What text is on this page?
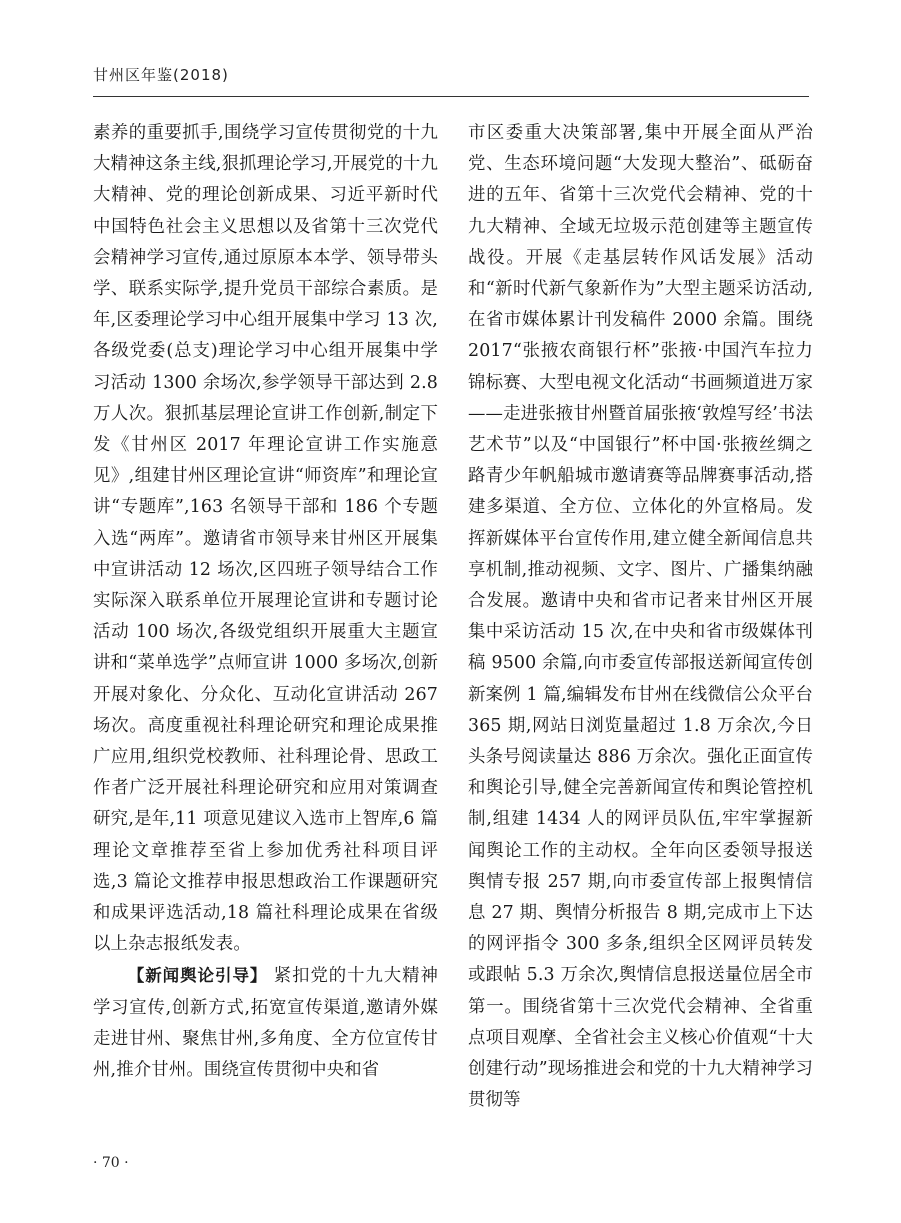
甘州区年鉴(2018)

素养的重要抓手,围绕学习宣传贯彻党的十九大精神这条主线,狠抓理论学习,开展党的十九大精神、党的理论创新成果、习近平新时代中国特色社会主义思想以及省第十三次党代会精神学习宣传,通过原原本本学、领导带头学、联系实际学,提升党员干部综合素质。是年,区委理论学习中心组开展集中学习 13 次,各级党委(总支)理论学习中心组开展集中学习活动 1300 余场次,参学领导干部达到 2.8 万人次。狠抓基层理论宣讲工作创新,制定下发《甘州区 2017 年理论宣讲工作实施意见》,组建甘州区理论宣讲“师资库”和理论宣讲“专题库”,163 名领导干部和 186 个专题入选“两库”。邀请省市领导来甘州区开展集中宣讲活动 12 场次,区四班子领导结合工作实际深入联系单位开展理论宣讲和专题讨论活动 100 场次,各级党组织开展重大主题宣讲和“菜单选学”点师宣讲 1000 多场次,创新开展对象化、分众化、互动化宣讲活动 267 场次。高度重视社科理论研究和理论成果推广应用,组织党校教师、社科理论骨、思政工作者广泛开展社科理论研究和应用对策调查研究,是年,11 项意见建议入选市上智库,6 篇理论文章推荐至省上参加优秀社科项目评选,3 篇论文推荐申报思想政治工作课题研究和成果评选活动,18 篇社科理论成果在省级以上杂志报纸发表。

【新闻舆论引导】 紧扣党的十九大精神学习宣传,创新方式,拓宽宣传渠道,邀请外媒走进甘州、聚焦甘州,多角度、全方位宣传甘州,推介甘州。围绕宣传贯彻中央和省

市区委重大决策部署,集中开展全面从严治党、生态环境问题“大发现大整治”、砥砺奋进的五年、省第十三次党代会精神、党的十九大精神、全域无垃圾示范创建等主题宣传战役。开展《走基层转作风话发展》活动和“新时代新气象新作为”大型主题采访活动,在省市媒体累计刊发稿件 2000 余篇。围绕 2017“张掖农商银行杯”张掖·中国汽车拉力锦标赛、大型电视文化活动“书画频道进万家——走进张掖甘州暨首届张掖‘敦煌写经’书法艺术节”以及“中国银行”杯中国·张掖丝绸之路青少年帆船城市邀请赛等品牌赛事活动,搭建多渠道、全方位、立体化的外宣格局。发挥新媒体平台宣传作用,建立健全新闻信息共享机制,推动视频、文字、图片、广播集纳融合发展。邀请中央和省市记者来甘州区开展集中采访活动 15 次,在中央和省市级媒体刊稿 9500 余篇,向市委宣传部报送新闻宣传创新案例 1 篇,编辑发布甘州在线微信公众平台 365 期,网站日浏览量超过 1.8 万余次,今日头条号阅读量达 886 万余次。强化正面宣传和舆论引导,健全完善新闻宣传和舆论管控机制,组建 1434 人的网评员队伍,牢牢掌握新闻舆论工作的主动权。全年向区委领导报送舆情专报 257 期,向市委宣传部上报舆情信息 27 期、舆情分析报告 8 期,完成市上下达的网评指令 300 多条,组织全区网评员转发或跟帖 5.3 万余次,舆情信息报送量位居全市第一。围绕省第十三次党代会精神、全省重点项目观摩、全省社会主义核心价值观“十大创建行动”现场推进会和党的十九大精神学习贯彻等

· 70 ·
